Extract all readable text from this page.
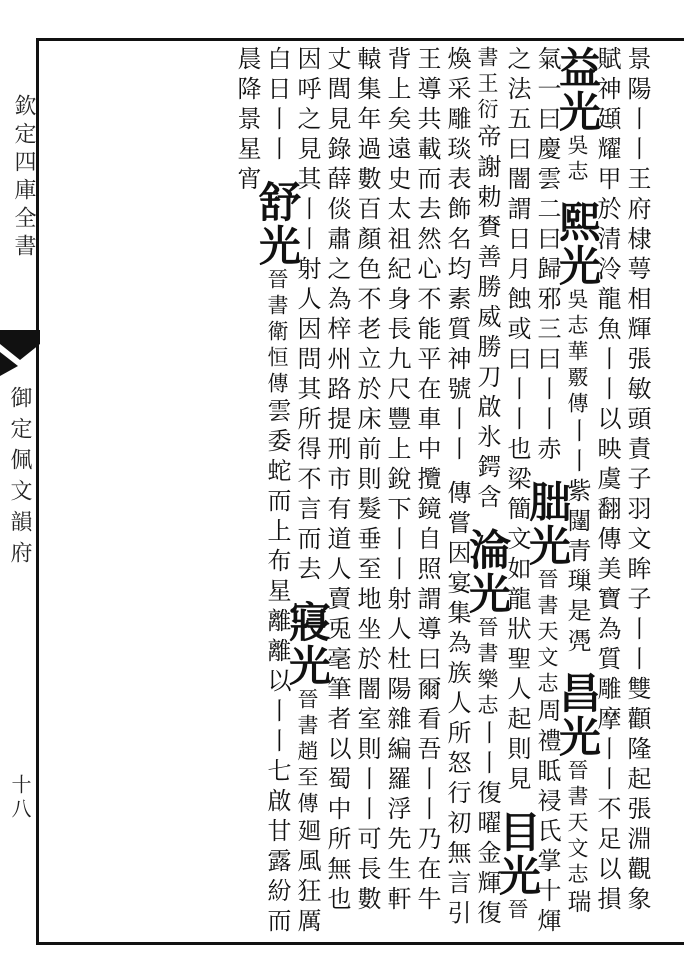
欽定四庫全書
御定佩文韻府
十八	景陽丨丨王府棣萼相輝張敏頭責子羽文眸子丨丨雙顴隆起張淵觀象賦神頲耀甲於清泠龍魚丨丨以映虞翻傳美寶為質雕摩丨丨不足以損 益光吳志 熙光吳志華覈傳丨丨紫闥青璅是凴 昌光晉書天文志瑞氣一曰慶雲二曰歸邪三曰丨丨赤 朏光晉書天文志周禮眡祲氏掌十煇之法五曰闇謂日月蝕或曰丨丨也梁簡文如龍狀聖人起則見 目光晉書王衍帝謝勅賚善勝威勝刀啟氷鍔含 淪光晉書樂志丨丨復曜金輝復煥采雕琰表飾名均素質神號丨丨 傳嘗因宴集為族人所怒行初無言引王導共載而去然心不能平在車中攬鏡自照謂導曰爾看吾丨丨乃在牛背上矣遠史太祖紀身長九尺豐上銳下丨丨射人杜陽雜編羅浮先生軒轅集年過數百顏色不老立於床前則髮垂至地坐於闇室則丨丨可長數丈閭見錄薛倓肅之為梓州路提刑市有道人賣兎毫筆者以蜀中所無也因呼之見其丨丨射人因問其所得不言而去 寢光晉書趙至傳廻風狂厲白日丨丨 舒光晉書衛恒傳雲委蛇而上布星離離以丨丨七啟甘露紛而晨降景星宵
